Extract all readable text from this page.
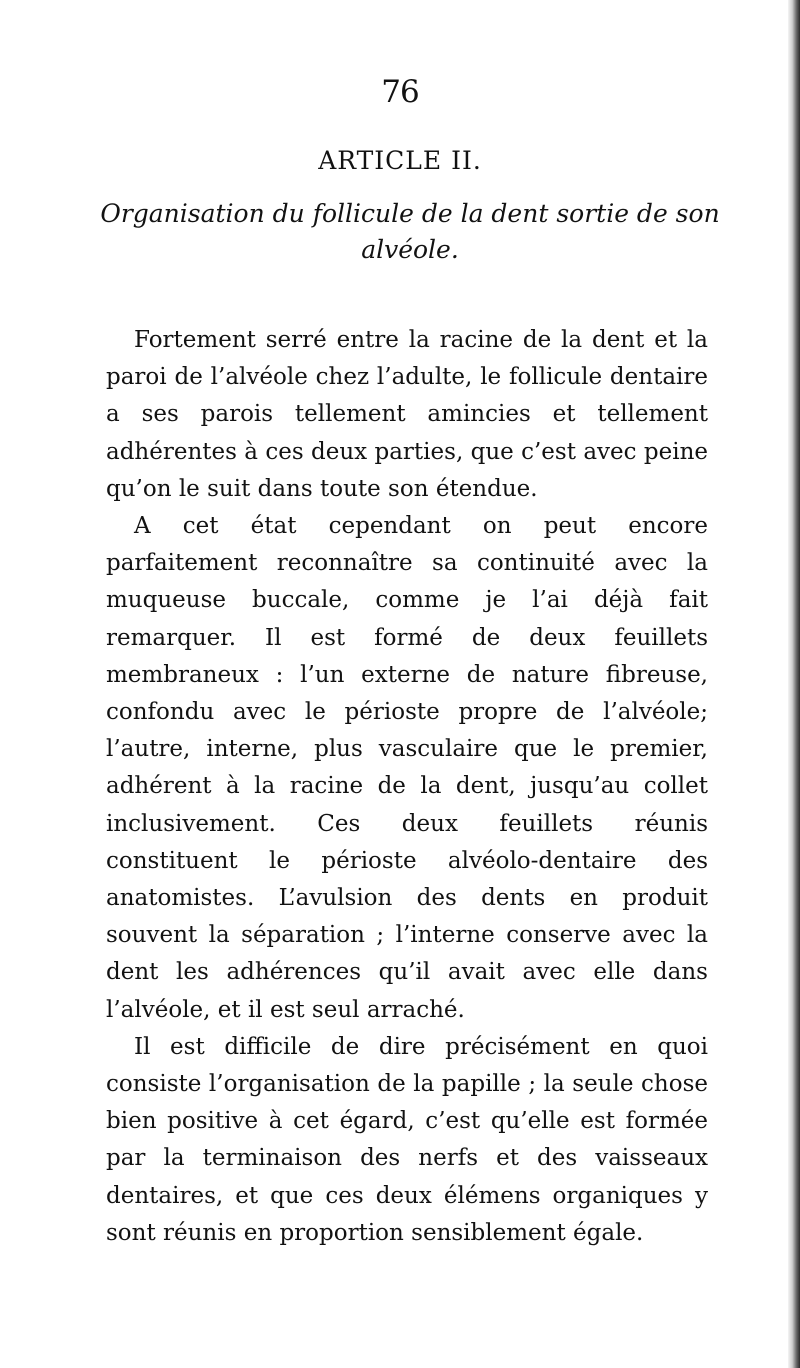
76
ARTICLE II.
Organisation du follicule de la dent sortie de son alvéole.

Fortement serré entre la racine de la dent et la paroi de l’alvéole chez l’adulte, le follicule dentaire a ses parois tellement amincies et tellement adhérentes à ces deux parties, que c’est avec peine qu’on le suit dans toute son étendue.

A cet état cependant on peut encore parfaitement reconnaître sa continuité avec la muqueuse buccale, comme je l’ai déjà fait remarquer. Il est formé de deux feuillets membraneux : l’un externe de nature fibreuse, confondu avec le périoste propre de l’alvéole; l’autre, interne, plus vasculaire que le premier, adhérent à la racine de la dent, jusqu’au collet inclusivement. Ces deux feuillets réunis constituent le périoste alvéolo-dentaire des anatomistes. L’avulsion des dents en produit souvent la séparation ; l’interne conserve avec la dent les adhérences qu’il avait avec elle dans l’alvéole, et il est seul arraché.

Il est difficile de dire précisément en quoi consiste l’organisation de la papille ; la seule chose bien positive à cet égard, c’est qu’elle est formée par la terminaison des nerfs et des vaisseaux dentaires, et que ces deux élémens organiques y sont réunis en proportion sensiblement égale.
